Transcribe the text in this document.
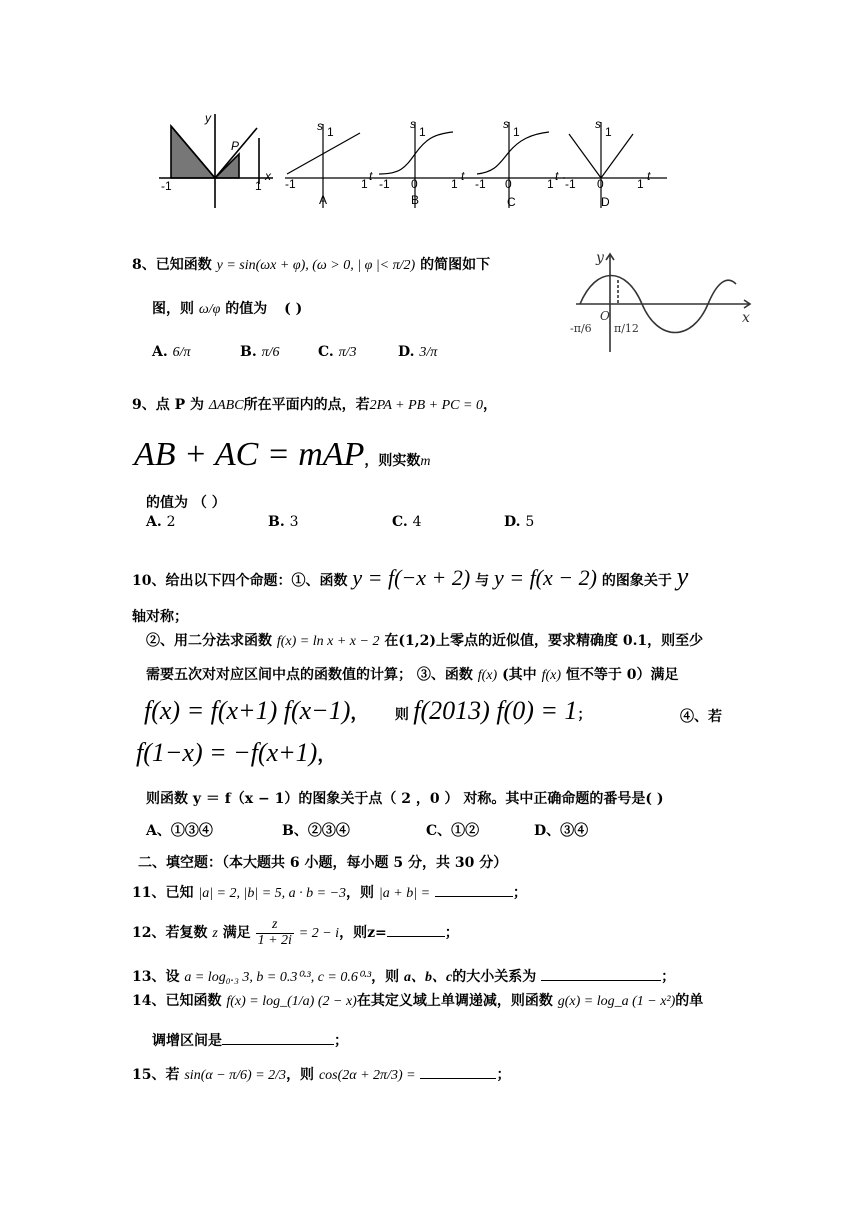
y
P
-1	1
x
s 1
-1	1
t
A
s
1
-1 0	1
t
B
s
1
-1 0	1
t
C
s
1
-1 0	1
t
D
8、已知函数 y = sin(ωx + φ), (ω > 0, | φ |< π/2) 的简图如下
图，则 ω/φ 的值为 ( )
A. 6/π	B. π/6	C. π/3	D. 3/π
y
x
O
-π/6 π/12
9、点 P 为 ΔABC所在平面内的点，若2PA + PB + PC = 0，
AB + AC = mAP，则实数m
的值为 （ ）
A. 2	B. 3	C. 4	D. 5
10、给出以下四个命题：①、函数 y = f(−x + 2) 与 y = f(x − 2) 的图象关于 y
轴对称；
②、用二分法求函数 f(x) = ln x + x − 2 在(1,2)上零点的近似值，要求精确度 0.1，则至少
需要五次对对应区间中点的函数值的计算； ③、函数 f(x) (其中 f(x) 恒不等于 0）满足
f(x) = f(x+1) f(x−1)， 则 f(2013) f(0) = 1；	④、若
f(1−x) = −f(x+1)，
则函数 y ＝ f（x − 1）的图象关于点（ 2 ，0 ） 对称。其中正确命题的番号是( )
A、①③④	B、②③④	C、①②	D、③④
二、填空题：（本大题共 6 小题，每小题 5 分，共 30 分）
11、已知 |a| = 2, |b| = 5, a · b = −3，则 |a + b| =	；
12、若复数 z 满足 $\frac{z}{1 + 2i} = 2 - i$，则z=	；
13、设 a = log₀.₃ 3, b = 0.3⁰·³, c = 0.6⁰·³，则 a、b、c的大小关系为	；
14、已知函数 f(x) = log_(1/a) (2 − x)在其定义域上单调递减，则函数 g(x) = log_a (1 − x²)的单
调增区间是	；
15、若 sin(α − π/6) = 2/3，则 cos(2α + 2π/3) =	；
